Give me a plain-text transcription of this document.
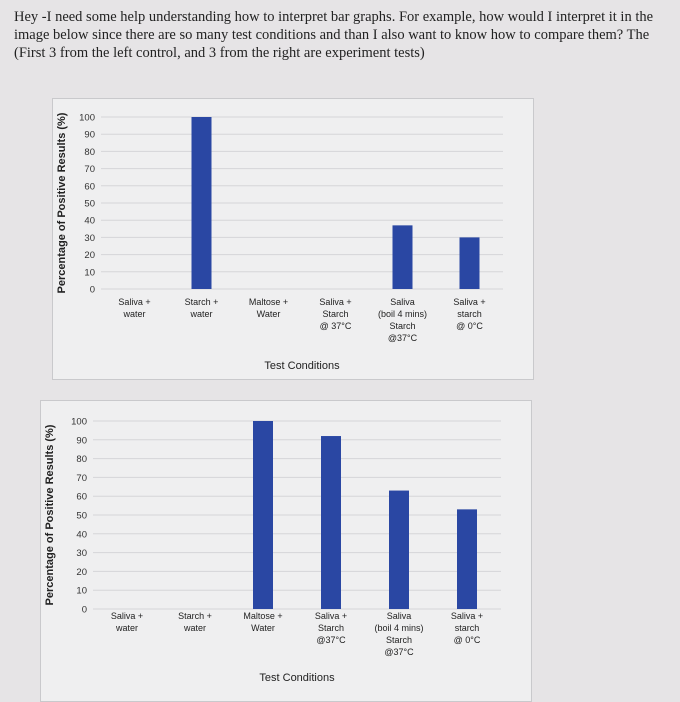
Hey -I need some help understanding how to interpret bar graphs. For example, how would I interpret it in the image below since there are so many test conditions and than I also want to know how to compare them? The (First 3 from the left control, and 3 from the right are experiment tests)

0
10
20
30
40
50
60
70
80
90
100
Saliva + water
Starch + water
Maltose + Water
Saliva + Starch @ 37°C
Saliva (boil 4 mins) Starch @37°C
Saliva + starch @ 0°C
Percentage of Positive Results (%)
Test Conditions
0
10
20
30
40
50
60
70
80
90
100
Saliva + water
Starch + water
Maltose + Water
Saliva + Starch @37°C
Saliva (boil 4 mins) Starch @37°C
Saliva + starch @ 0°C
Percentage of Positive Results (%)
Test Conditions
